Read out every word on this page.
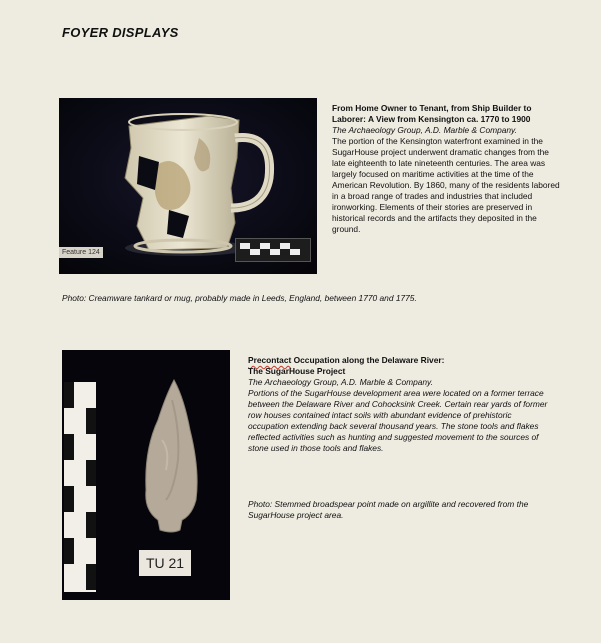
FOYER DISPLAYS
Feature 124
From Home Owner to Tenant, from Ship Builder to Laborer: A View from Kensington ca. 1770 to 1900
The Archaeology Group, A.D. Marble & Company.
The portion of the Kensington waterfront examined in the SugarHouse project underwent dramatic changes from the late eighteenth to late nineteenth centuries. The area was largely focused on maritime activities at the time of the American Revolution. By 1860, many of the residents labored in a broad range of trades and industries that included ironworking. Elements of their stories are preserved in historical records and the artifacts they deposited in the ground.
Photo: Creamware tankard or mug, probably made in Leeds, England, between 1770 and 1775.
TU 21
Precontact Occupation along the Delaware River:
The SugarHouse Project
The Archaeology Group, A.D. Marble & Company.
Portions of the SugarHouse development area were located on a former terrace between the Delaware River and Cohocksink Creek. Certain rear yards of former row houses contained intact soils with abundant evidence of prehistoric occupation extending back several thousand years. The stone tools and flakes reflected activities such as hunting and suggested movement to the sources of stone used in those tools and flakes.
Photo: Stemmed broadspear point made on argillite and recovered from the SugarHouse project area.
